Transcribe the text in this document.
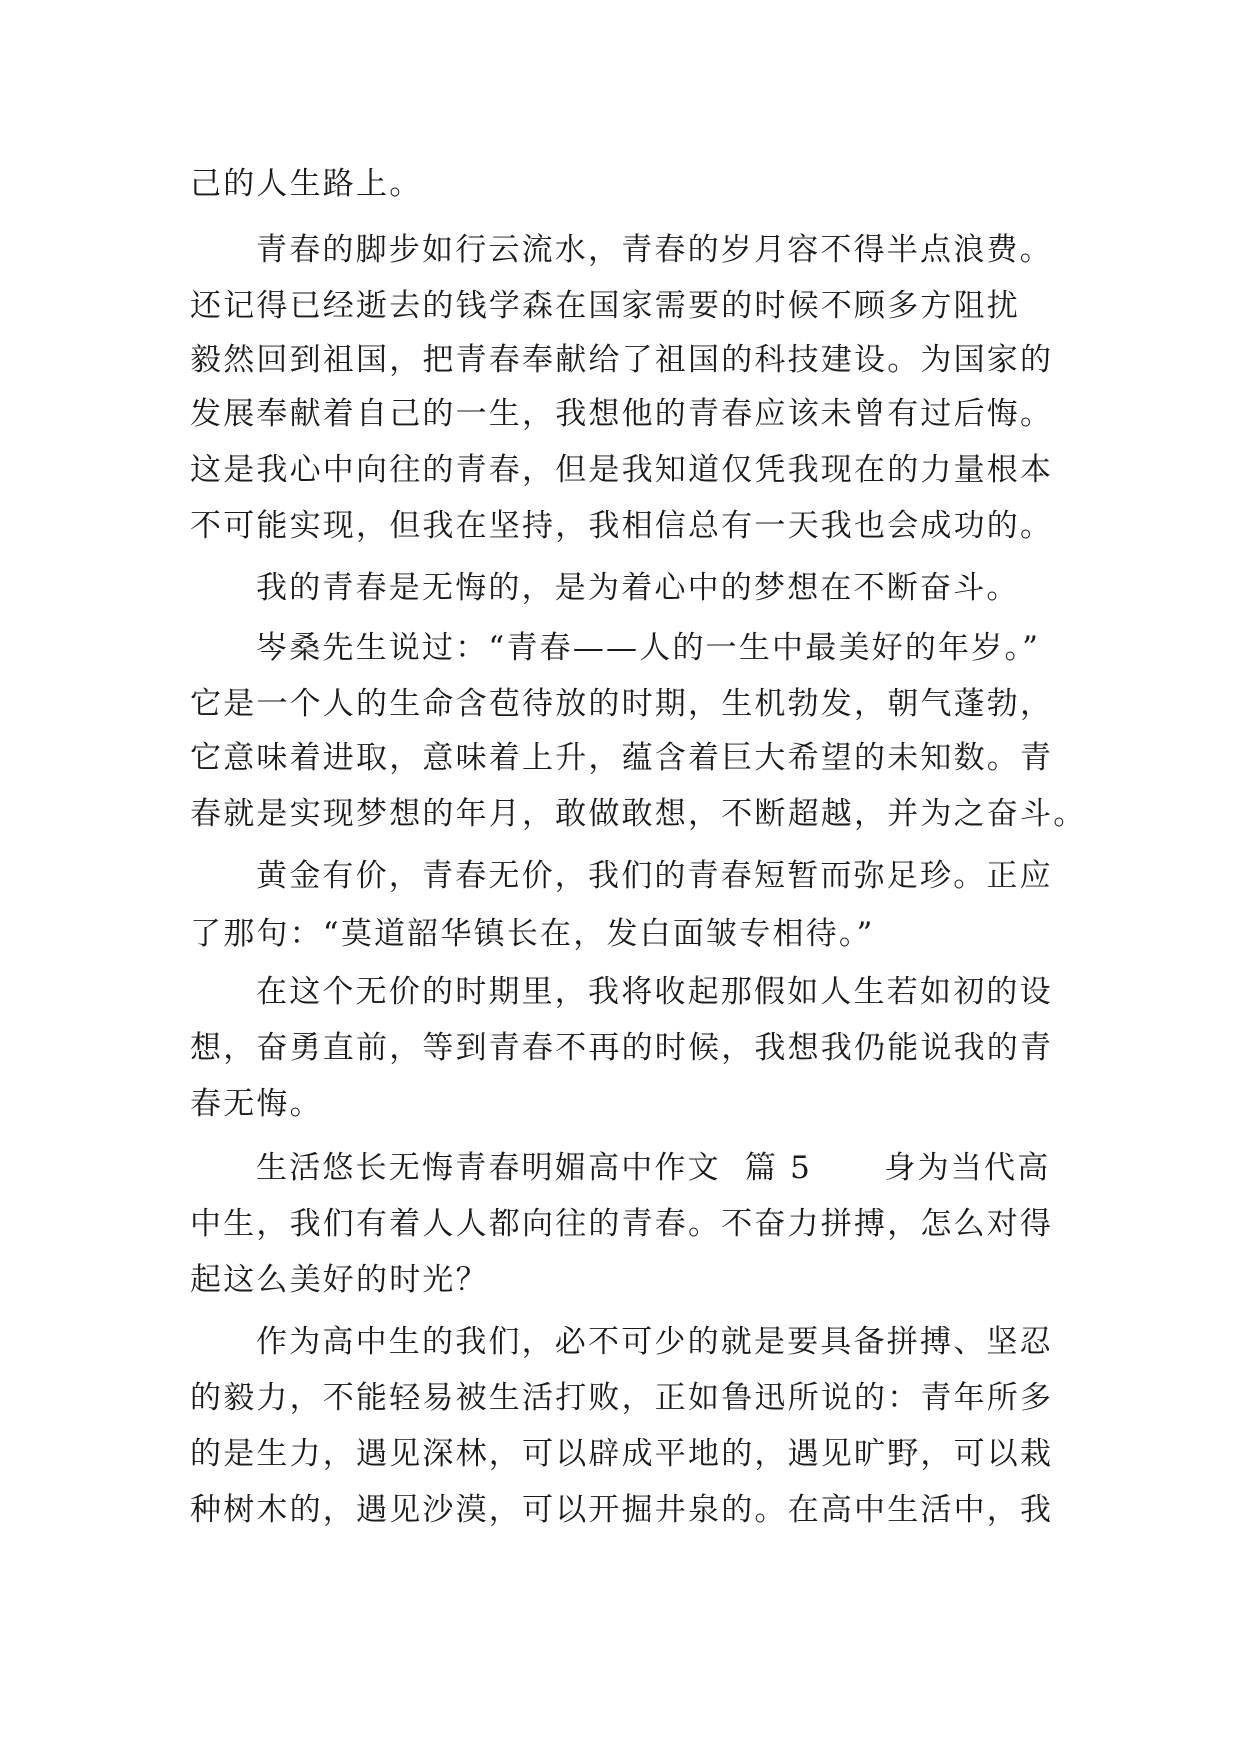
己的人生路上。
青春的脚步如行云流水，青春的岁月容不得半点浪费。
还记得已经逝去的钱学森在国家需要的时候不顾多方阻扰
毅然回到祖国，把青春奉献给了祖国的科技建设。为国家的
发展奉献着自己的一生，我想他的青春应该未曾有过后悔。
这是我心中向往的青春，但是我知道仅凭我现在的力量根本
不可能实现，但我在坚持，我相信总有一天我也会成功的。
我的青春是无悔的，是为着心中的梦想在不断奋斗。
岑桑先生说过：“青春——人的一生中最美好的年岁。”
它是一个人的生命含苞待放的时期，生机勃发，朝气蓬勃，
它意味着进取，意味着上升，蕴含着巨大希望的未知数。青
春就是实现梦想的年月，敢做敢想，不断超越，并为之奋斗。
黄金有价，青春无价，我们的青春短暂而弥足珍。正应
了那句：“莫道韶华镇长在，发白面皱专相待。”
在这个无价的时期里，我将收起那假如人生若如初的设
想，奋勇直前，等到青春不再的时候，我想我仍能说我的青
春无悔。
生活悠长无悔青春明媚高中作文  篇 5      身为当代高
中生，我们有着人人都向往的青春。不奋力拼搏，怎么对得
起这么美好的时光？
作为高中生的我们，必不可少的就是要具备拼搏、坚忍
的毅力，不能轻易被生活打败，正如鲁迅所说的：青年所多
的是生力，遇见深林，可以辟成平地的，遇见旷野，可以栽
种树木的，遇见沙漠，可以开掘井泉的。在高中生活中，我
